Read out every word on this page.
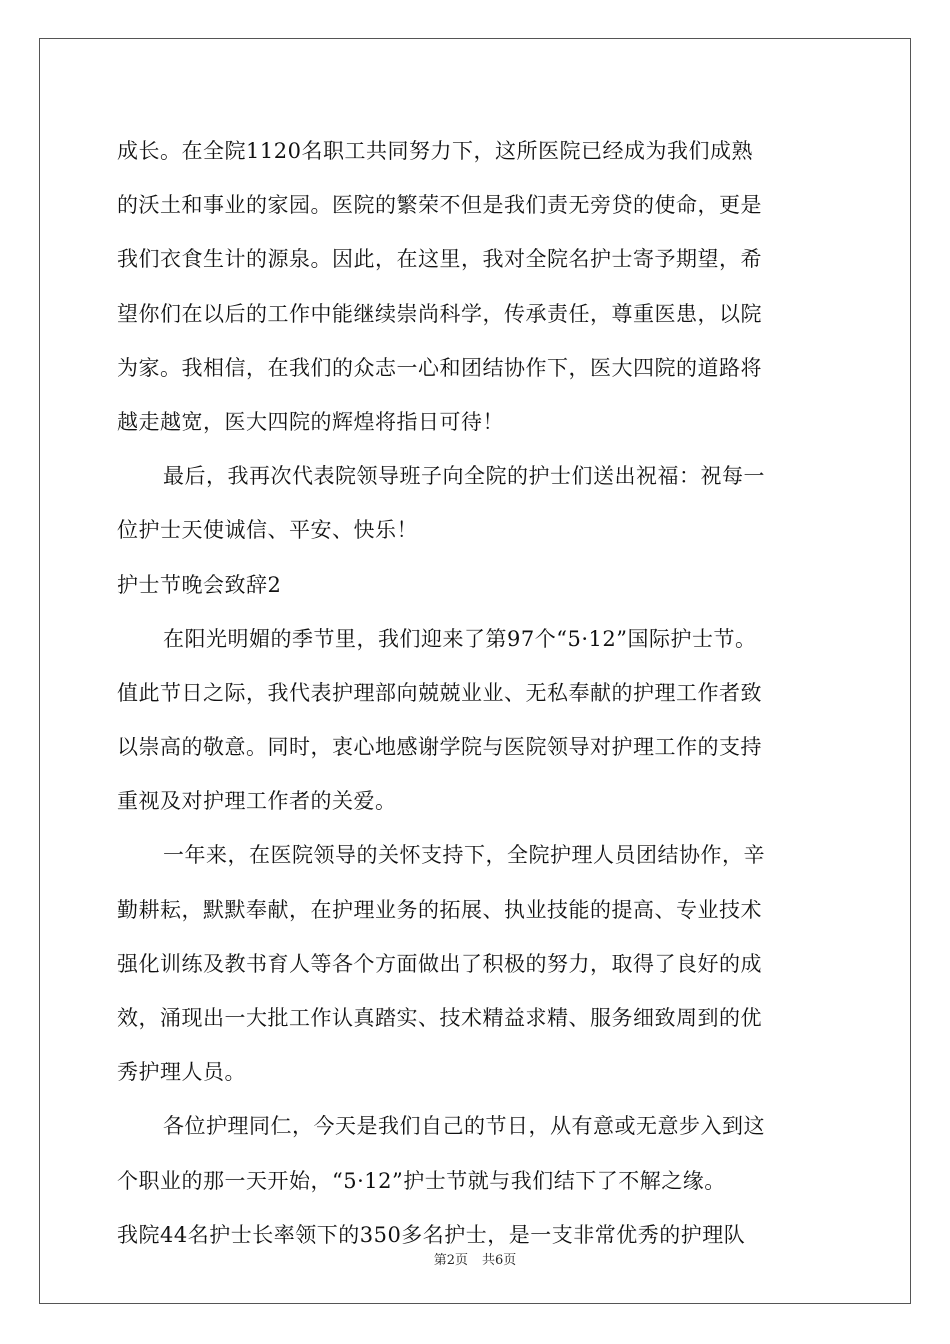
成长。在全院1120名职工共同努力下，这所医院已经成为我们成熟
的沃土和事业的家园。医院的繁荣不但是我们责无旁贷的使命，更是
我们衣食生计的源泉。因此，在这里，我对全院名护士寄予期望，希
望你们在以后的工作中能继续崇尚科学，传承责任，尊重医患，以院
为家。我相信，在我们的众志一心和团结协作下，医大四院的道路将
越走越宽，医大四院的辉煌将指日可待！
最后，我再次代表院领导班子向全院的护士们送出祝福：祝每一
位护士天使诚信、平安、快乐！
护士节晚会致辞2
在阳光明媚的季节里，我们迎来了第97个“5·12”国际护士节。
值此节日之际，我代表护理部向兢兢业业、无私奉献的护理工作者致
以崇高的敬意。同时，衷心地感谢学院与医院领导对护理工作的支持
重视及对护理工作者的关爱。
一年来，在医院领导的关怀支持下，全院护理人员团结协作，辛
勤耕耘，默默奉献，在护理业务的拓展、执业技能的提高、专业技术
强化训练及教书育人等各个方面做出了积极的努力，取得了良好的成
效，涌现出一大批工作认真踏实、技术精益求精、服务细致周到的优
秀护理人员。
各位护理同仁，今天是我们自己的节日，从有意或无意步入到这
个职业的那一天开始，“5·12”护士节就与我们结下了不解之缘。
我院44名护士长率领下的350多名护士，是一支非常优秀的护理队
第2页 共6页
